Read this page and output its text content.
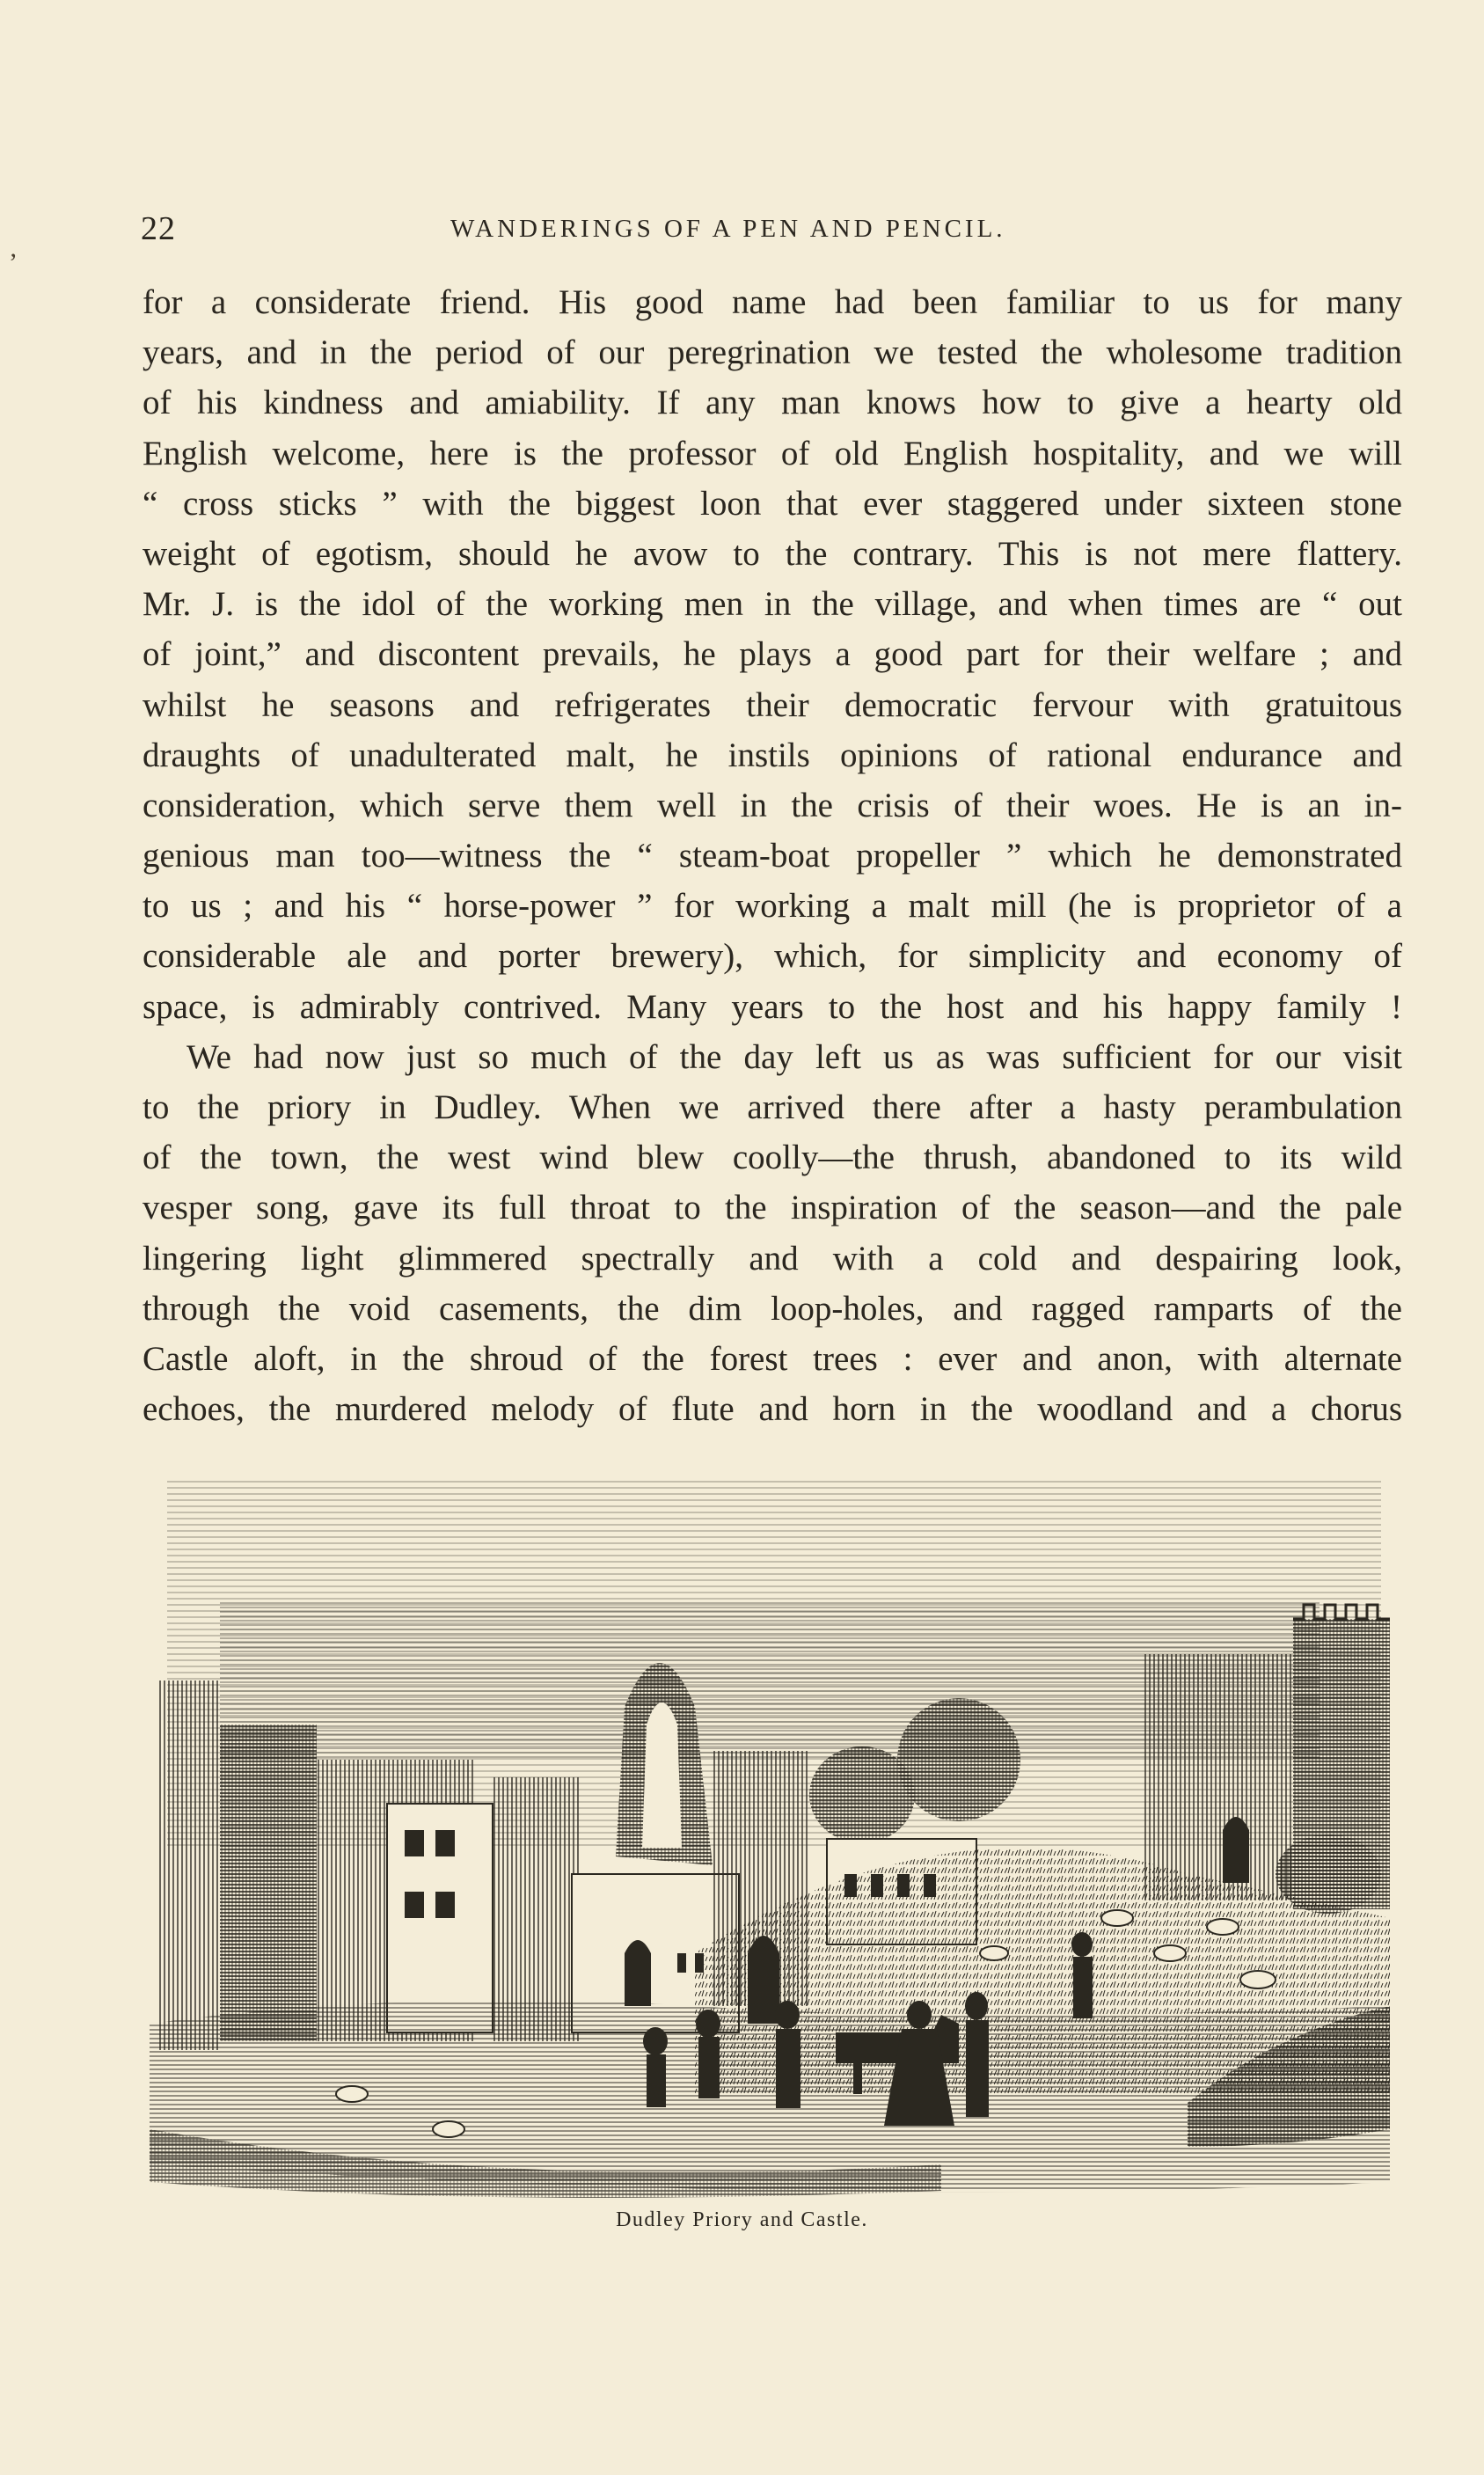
22	WANDERINGS OF A PEN AND PENCIL.
’
for a considerate friend. His good name had been familiar to us for many
years, and in the period of our peregrination we tested the wholesome tradition
of his kindness and amiability. If any man knows how to give a hearty old
English welcome, here is the professor of old English hospitality, and we will
“ cross sticks ” with the biggest loon that ever staggered under sixteen stone
weight of egotism, should he avow to the contrary. This is not mere flattery.
Mr. J. is the idol of the working men in the village, and when times are “ out
of joint,” and discontent prevails, he plays a good part for their welfare ; and
whilst he seasons and refrigerates their democratic fervour with gratuitous
draughts of unadulterated malt, he instils opinions of rational endurance and
consideration, which serve them well in the crisis of their woes. He is an in-
genious man too—witness the “ steam-boat propeller ” which he demonstrated
to us ; and his “ horse-power ” for working a malt mill (he is proprietor of a
considerable ale and porter brewery), which, for simplicity and economy of
space, is admirably contrived. Many years to the host and his happy family !
We had now just so much of the day left us as was sufficient for our visit
to the priory in Dudley. When we arrived there after a hasty perambulation
of the town, the west wind blew coolly—the thrush, abandoned to its wild
vesper song, gave its full throat to the inspiration of the season—and the pale
lingering light glimmered spectrally and with a cold and despairing look,
through the void casements, the dim loop-holes, and ragged ramparts of the
Castle aloft, in the shroud of the forest trees : ever and anon, with alternate
echoes, the murdered melody of flute and horn in the woodland and a chorus
Dudley Priory and Castle.
